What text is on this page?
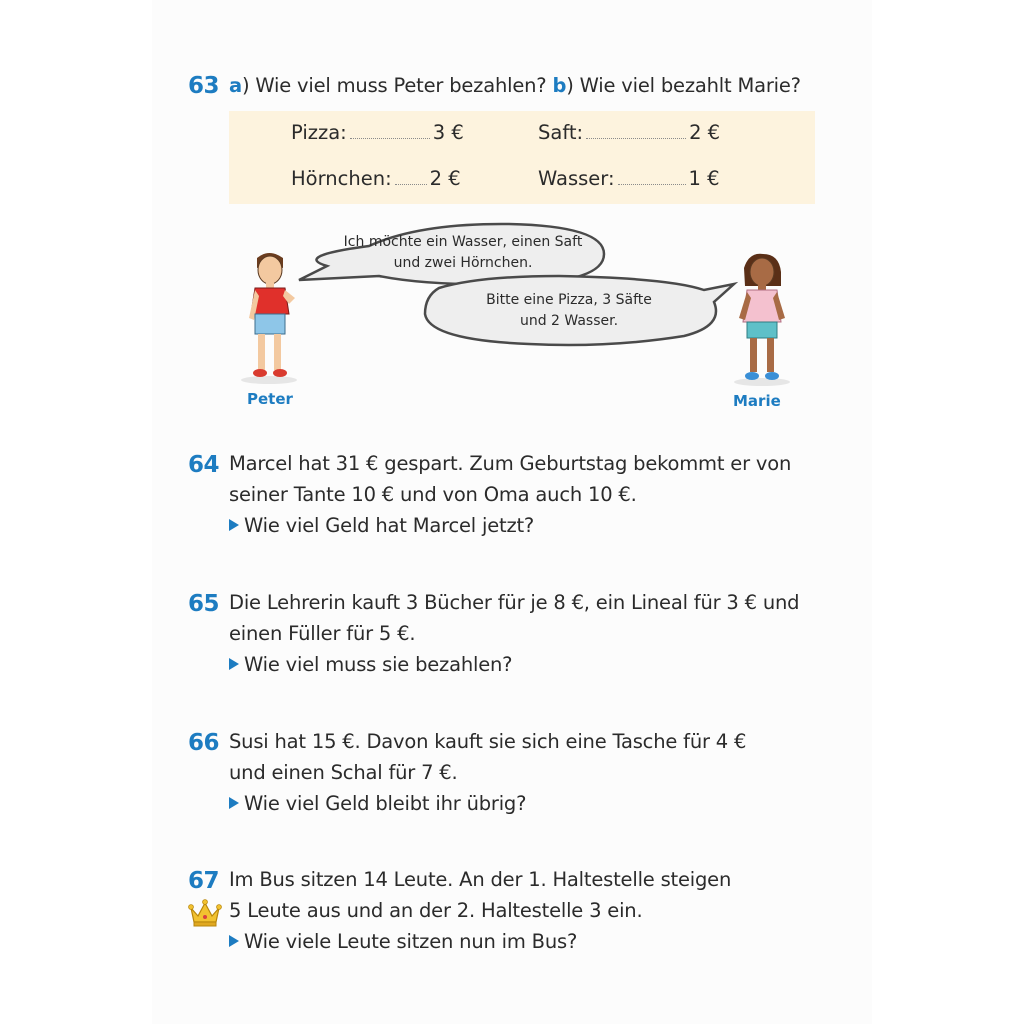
63 a) Wie viel muss Peter bezahlen? b) Wie viel bezahlt Marie?
Pizza:	3 €	Saft:	2 €
Hörnchen: 2 €	Wasser:	1 €
Ich möchte ein Wasser, einen Saft
und zwei Hörnchen.
Bitte eine Pizza, 3 Säfte
und 2 Wasser.
Peter	Marie
64 Marcel hat 31 € gespart. Zum Geburtstag bekommt er von
seiner Tante 10 € und von Oma auch 10 €.
Wie viel Geld hat Marcel jetzt?
65 Die Lehrerin kauft 3 Bücher für je 8 €, ein Lineal für 3 € und
einen Füller für 5 €.
Wie viel muss sie bezahlen?
66 Susi hat 15 €. Davon kauft sie sich eine Tasche für 4 €
und einen Schal für 7 €.
Wie viel Geld bleibt ihr übrig?
67 Im Bus sitzen 14 Leute. An der 1. Haltestelle steigen
5 Leute aus und an der 2. Haltestelle 3 ein.
Wie viele Leute sitzen nun im Bus?
